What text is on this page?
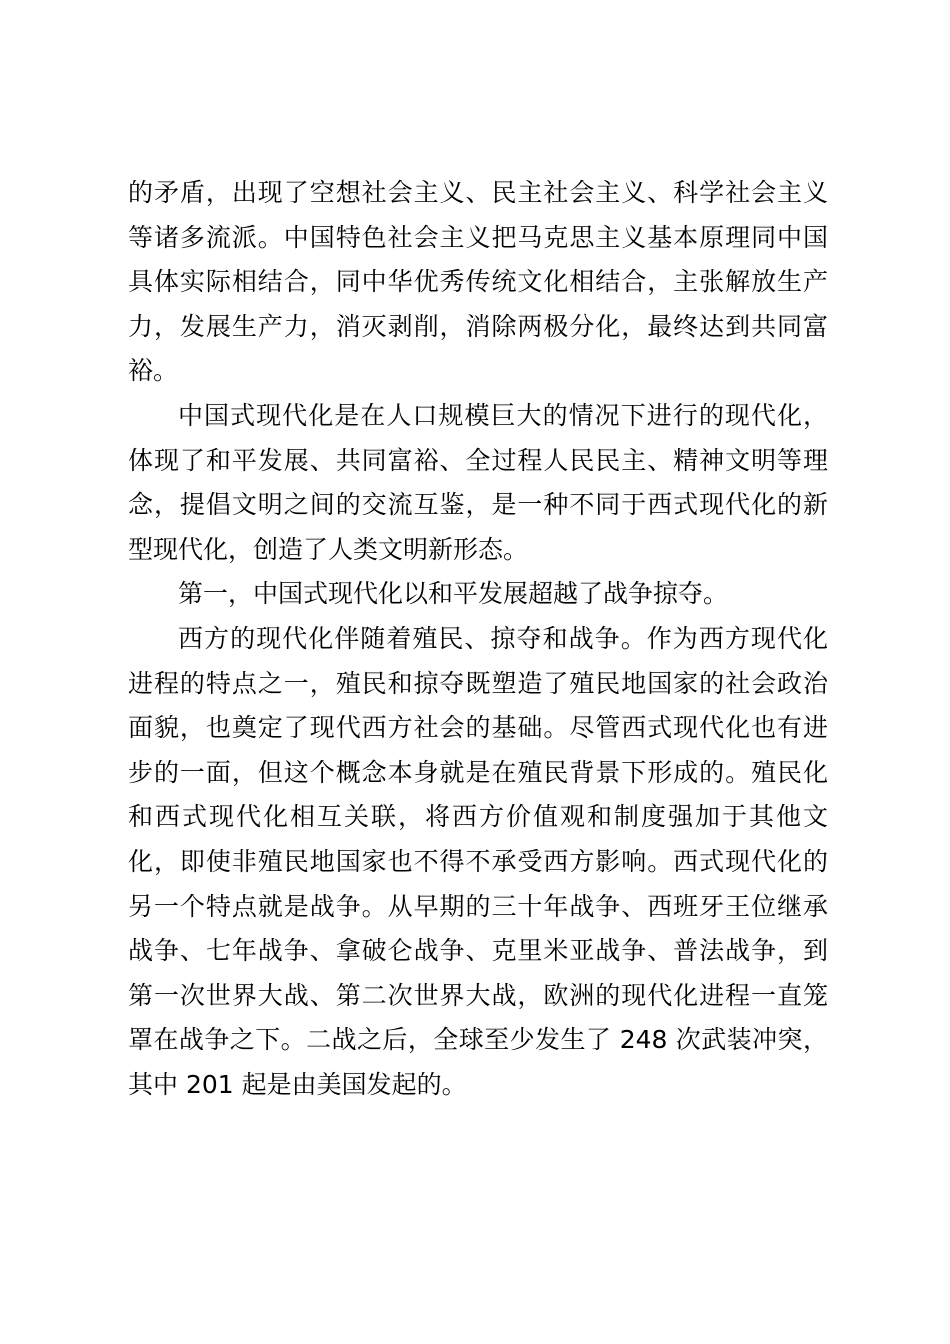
的矛盾，出现了空想社会主义、民主社会主义、科学社会主义
等诸多流派。中国特色社会主义把马克思主义基本原理同中国
具体实际相结合，同中华优秀传统文化相结合，主张解放生产
力，发展生产力，消灭剥削，消除两极分化，最终达到共同富
裕。
中国式现代化是在人口规模巨大的情况下进行的现代化，
体现了和平发展、共同富裕、全过程人民民主、精神文明等理
念，提倡文明之间的交流互鉴，是一种不同于西式现代化的新
型现代化，创造了人类文明新形态。
第一，中国式现代化以和平发展超越了战争掠夺。
西方的现代化伴随着殖民、掠夺和战争。作为西方现代化
进程的特点之一，殖民和掠夺既塑造了殖民地国家的社会政治
面貌，也奠定了现代西方社会的基础。尽管西式现代化也有进
步的一面，但这个概念本身就是在殖民背景下形成的。殖民化
和西式现代化相互关联，将西方价值观和制度强加于其他文
化，即使非殖民地国家也不得不承受西方影响。西式现代化的
另一个特点就是战争。从早期的三十年战争、西班牙王位继承
战争、七年战争、拿破仑战争、克里米亚战争、普法战争，到
第一次世界大战、第二次世界大战，欧洲的现代化进程一直笼
罩在战争之下。二战之后，全球至少发生了 248 次武装冲突，
其中 201 起是由美国发起的。
